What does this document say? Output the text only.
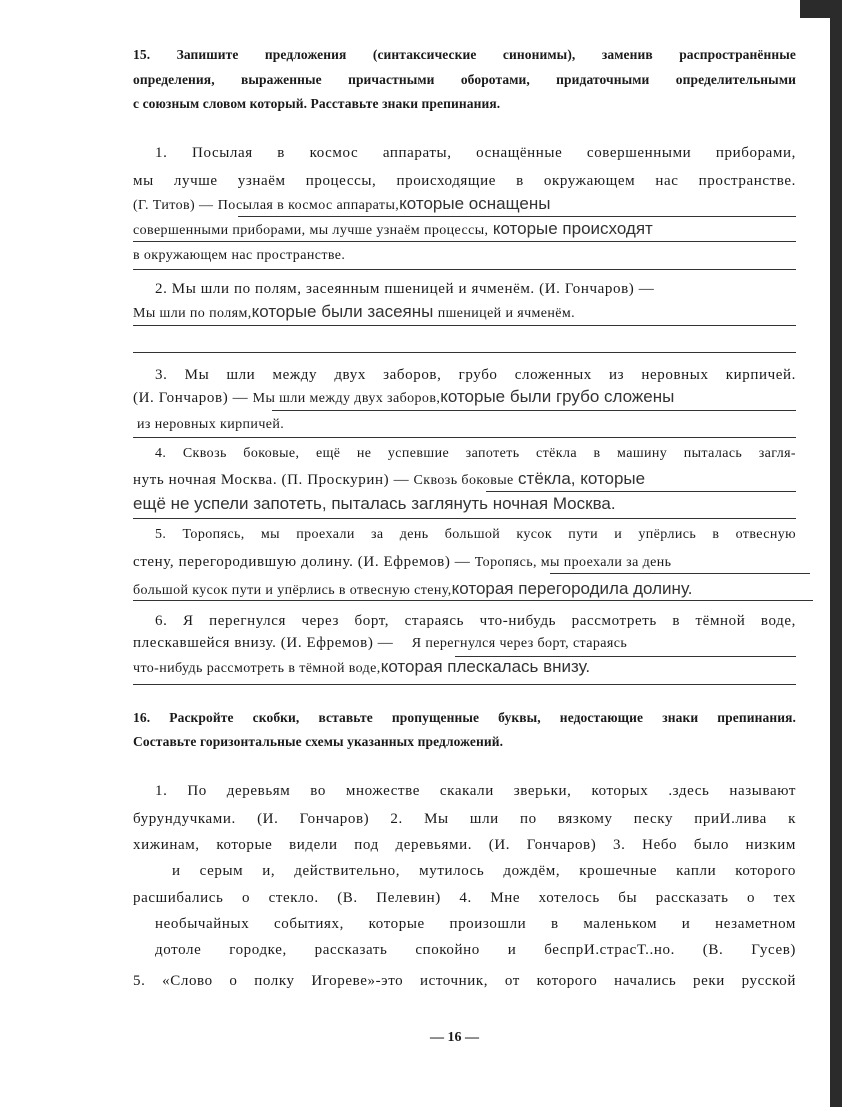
15. Запишите предложения (синтаксические синонимы), заменив распространённые
определения, выраженные причастными оборотами, придаточными определительными
с союзным словом который. Расставьте знаки препинания.
1. Посылая в космос аппараты, оснащённые совершенными приборами,
мы лучше узнаём процессы, происходящие в окружающем нас пространстве.
(Г. Титов) — Посылая в космос аппараты,которые оснащены
совершенными приборами, мы лучше узнаём процессы, которые происходят
в окружающем нас пространстве.
2. Мы шли по полям, засеянным пшеницей и ячменём. (И. Гончаров) —
Мы шли по полям,которые были засеяны пшеницей и ячменём.
3. Мы шли между двух заборов, грубо сложенных из неровных кирпичей.
(И. Гончаров) — Мы шли между двух заборов,которые были грубо сложены
из неровных кирпичей.
4. Сквозь боковые, ещё не успевшие запотеть стёкла в машину пыталась загля-
нуть ночная Москва. (П. Проскурин) — Сквозь боковые стёкла, которые
ещё не успели запотеть, пыталась заглянуть ночная Москва.
5. Торопясь, мы проехали за день большой кусок пути и упёрлись в отвесную
стену, перегородившую долину. (И. Ефремов) — Торопясь, мы проехали за день
большой кусок пути и упёрлись в отвесную стену,которая перегородила долину.
6. Я перегнулся через борт, стараясь что-нибудь рассмотреть в тёмной воде,
плескавшейся внизу. (И. Ефремов) — Я перегнулся через борт, стараясь
что-нибудь рассмотреть в тёмной воде,которая плескалась внизу.
16. Раскройте скобки, вставьте пропущенные буквы, недостающие знаки препинания.
Составьте горизонтальные схемы указанных предложений.
1. По деревьям во множестве скакали зверьки, которых .здесь называют
бурундучками. (И. Гончаров) 2. Мы шли по вязкому песку приИ.лива к
хижинам, которые видели под деревьями. (И. Гончаров) 3. Небо было низким
и серым и, действительно, мутилось дождём, крошечные капли которого
расшибались о стекло. (В. Пелевин) 4. Мне хотелось бы рассказать о тех
необычайных событиях, которые произошли в маленьком и незаметном
дотоле городке, рассказать спокойно и беспрИ.страсТ..но. (В. Гусев)
5. «Слово о полку Игореве»-это источник, от которого начались реки русской
— 16 —
